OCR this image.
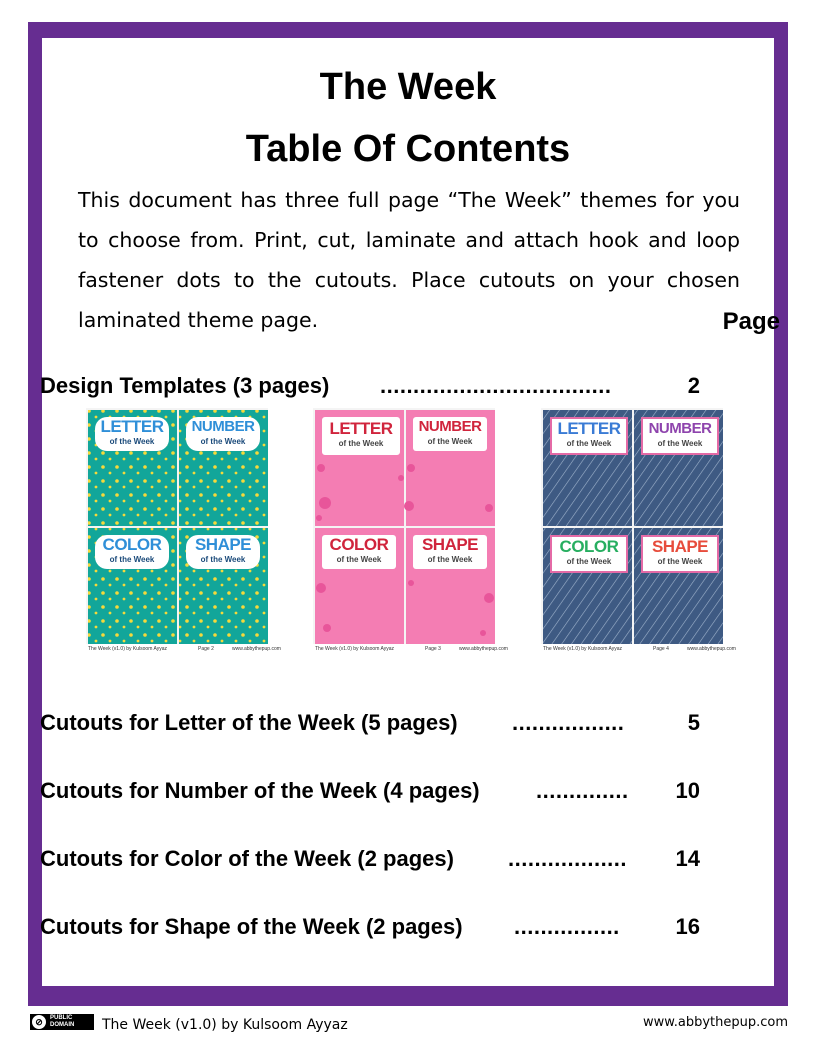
The Week
Table Of Contents
This document has three full page “The Week” themes for you to choose from. Print, cut, laminate and attach hook and loop fastener dots to the cutouts. Place cutouts on your chosen laminated theme page.	Page
Design Templates (3 pages) ...................................	2
LETTER
of the Week
NUMBER
of the Week
COLOR
of the Week
SHAPE
of the Week
The Week (v1.0) by Kulsoom Ayyaz	Page 2	www.abbythepup.com
LETTER
of the Week
NUMBER
of the Week
COLOR
of the Week
SHAPE
of the Week
The Week (v1.0) by Kulsoom Ayyaz	Page 3	www.abbythepup.com
LETTER
of the Week
NUMBER
of the Week
COLOR
of the Week
SHAPE
of the Week
The Week (v1.0) by Kulsoom Ayyaz	Page 4	www.abbythepup.com
Cutouts for Letter of the Week (5 pages) .................	5
Cutouts for Number of the Week (4 pages)	.............. 10
Cutouts for Color of the Week (2 pages) .................. 14
Cutouts for Shape of the Week (2 pages) ................	16
⊘	PUBLIC
DOMAIN The Week (v1.0) by Kulsoom Ayyaz	www.abbythepup.com
